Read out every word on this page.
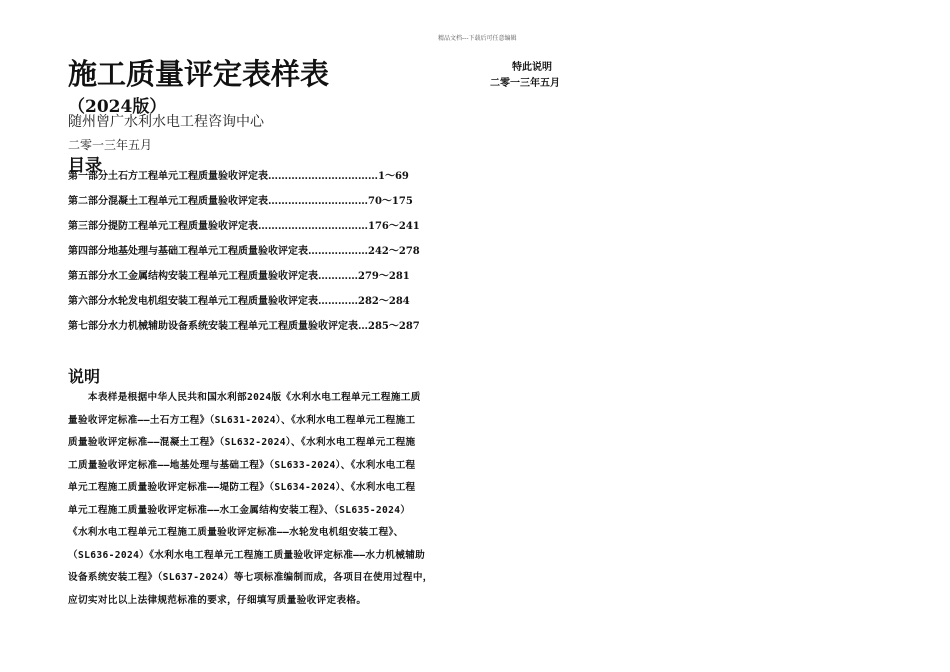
精品文档---下载后可任意编辑
施工质量评定表样表
（2024版）
随州曾广水利水电工程咨询中心
二零一三年五月
特此说明
二零一三年五月
目录
第一部分土石方工程单元工程质量验收评定表……………………………1～69
第二部分混凝土工程单元工程质量验收评定表…………………………70～175
第三部分提防工程单元工程质量验收评定表……………………………176～241
第四部分地基处理与基础工程单元工程质量验收评定表………………242～278
第五部分水工金属结构安装工程单元工程质量验收评定表…………279～281
第六部分水轮发电机组安装工程单元工程质量验收评定表…………282～284
第七部分水力机械辅助设备系统安装工程单元工程质量验收评定表…285～287
说明
　　本表样是根据中华人民共和国水利部2024版《水利水电工程单元工程施工质
量验收评定标准——土石方工程》（SL631-2024）、《水利水电工程单元工程施工
质量验收评定标准——混凝土工程》（SL632-2024）、《水利水电工程单元工程施
工质量验收评定标准——地基处理与基础工程》（SL633-2024）、《水利水电工程
单元工程施工质量验收评定标准——堤防工程》（SL634-2024）、《水利水电工程
单元工程施工质量验收评定标准——水工金属结构安装工程》、（SL635-2024）
《水利水电工程单元工程施工质量验收评定标准——水轮发电机组安装工程》、
（SL636-2024）《水利水电工程单元工程施工质量验收评定标准——水力机械辅助
设备系统安装工程》（SL637-2024）等七项标准编制而成，各项目在使用过程中，
应切实对比以上法律规范标准的要求，仔细填写质量验收评定表格。
